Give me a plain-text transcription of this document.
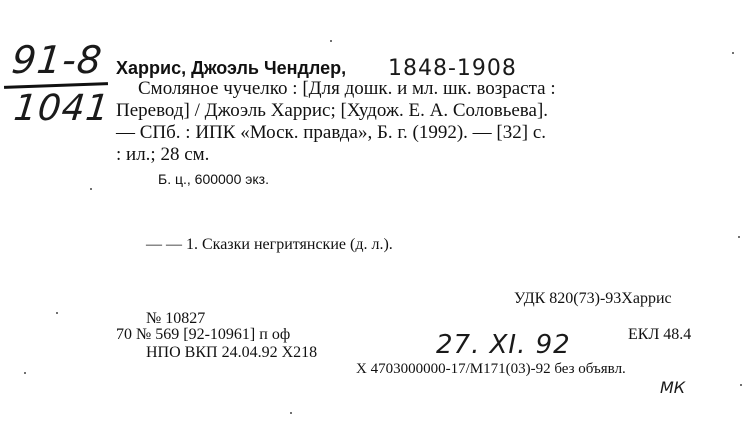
91-8
1041
Харрис, Джоэль Чендлер, 1848-1908
Смоляное чучелко : [Для дошк. и мл. шк. возраста :
Перевод] / Джоэль Харрис; [Худож. Е. А. Соловьева].
— СПб. : ИПК «Моск. правда», Б. г. (1992). — [32] с.
: ил.; 28 см.
Б. ц., 600000 экз.
— — 1. Сказки негритянские (д. л.).
УДК 820(73)-93Харрис
№ 10827
70 № 569 [92-10961] п оф	ЕКЛ 48.4
НПО ВКП 24.04.92 Х218
Х 4703000000-17/М171(03)-92 без объявл.
27. XI. 92
МК
